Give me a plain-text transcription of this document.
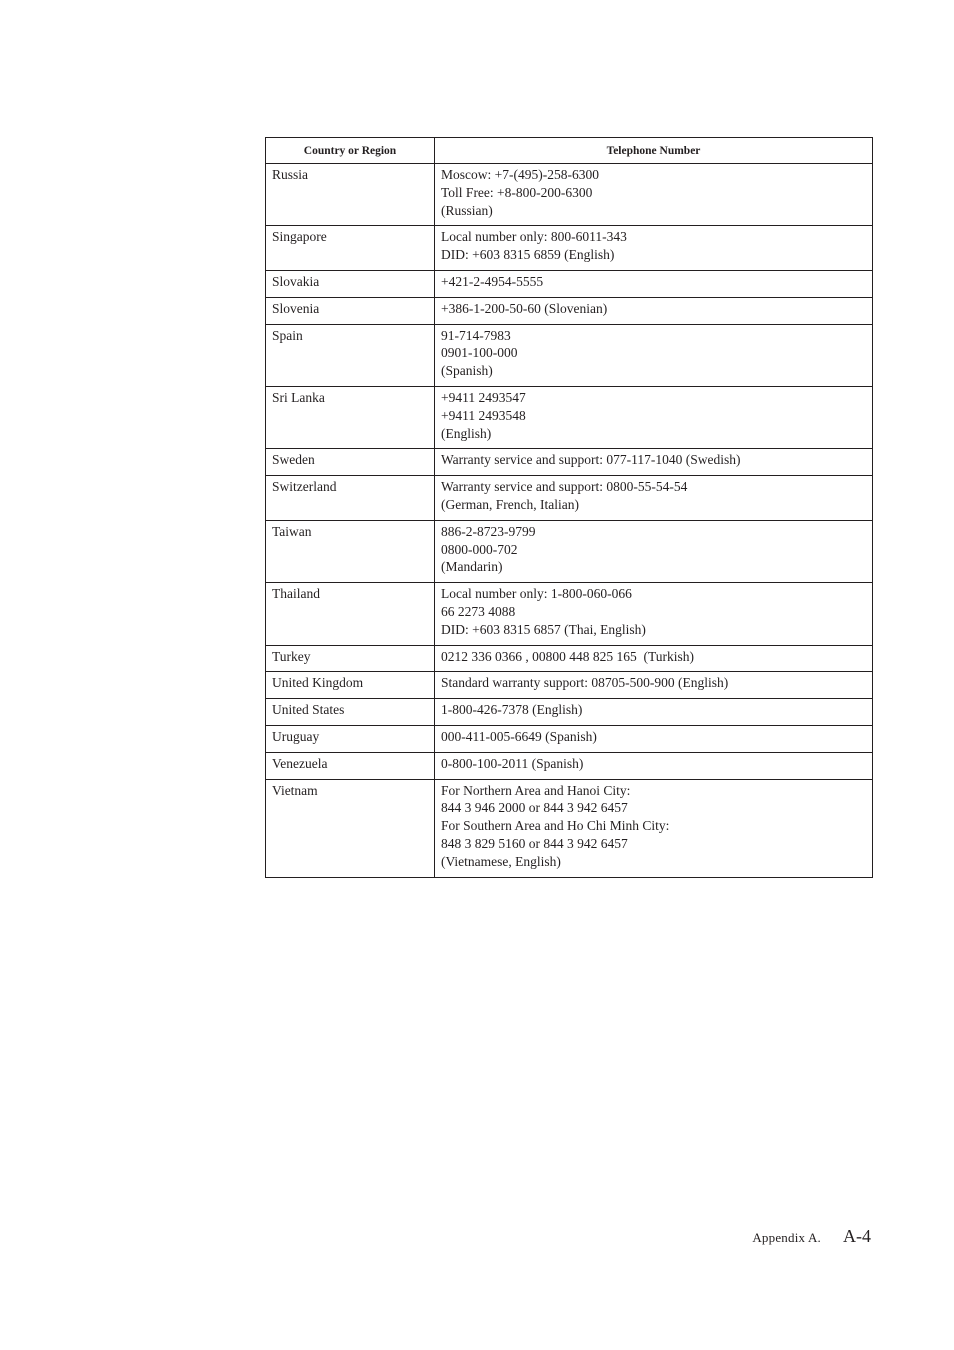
Country or Region	Telephone Number
Russia	Moscow: +7-(495)-258-6300
Toll Free: +8-800-200-6300
(Russian)

Singapore	Local number only: 800-6011-343
DID: +603 8315 6859 (English)

Slovakia	+421-2-4954-5555

Slovenia	+386-1-200-50-60 (Slovenian)

Spain	91-714-7983
0901-100-000
(Spanish)

Sri Lanka	+9411 2493547
+9411 2493548
(English)

Sweden	Warranty service and support: 077-117-1040 (Swedish)

Switzerland	Warranty service and support: 0800-55-54-54
(German, French, Italian)

Taiwan	886-2-8723-9799
0800-000-702
(Mandarin)

Thailand	Local number only: 1-800-060-066
66 2273 4088
DID: +603 8315 6857 (Thai, English)

Turkey	0212 336 0366 , 00800 448 825 165  (Turkish)

United Kingdom	Standard warranty support: 08705-500-900 (English)

United States	1-800-426-7378 (English)

Uruguay	000-411-005-6649 (Spanish)

Venezuela	0-800-100-2011 (Spanish)

Vietnam	For Northern Area and Hanoi City:
844 3 946 2000 or 844 3 942 6457
For Southern Area and Ho Chi Minh City:
848 3 829 5160 or 844 3 942 6457
(Vietnamese, English)
Appendix A. A-4
